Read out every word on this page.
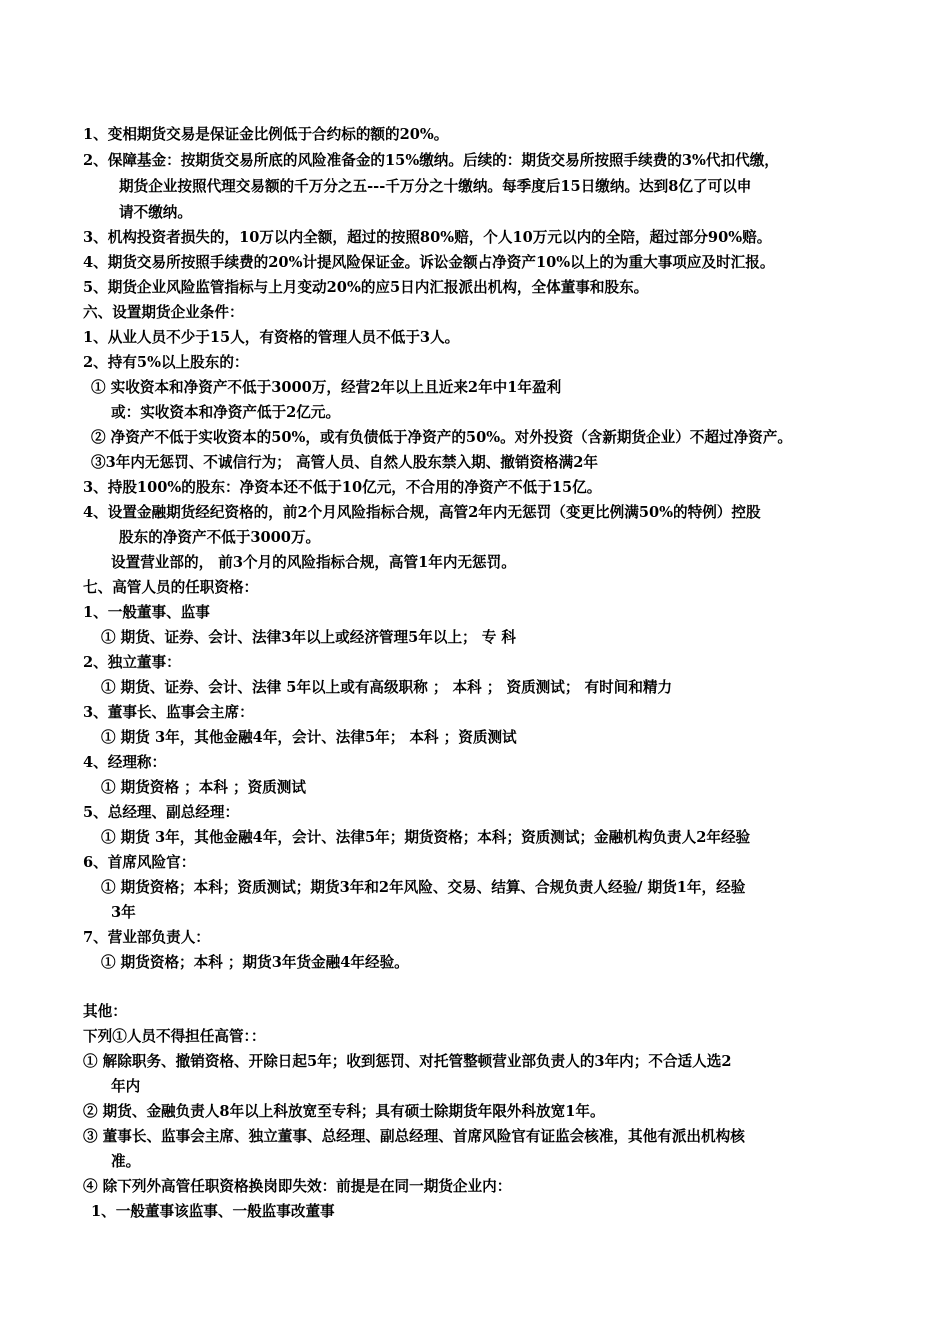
1、变相期货交易是保证金比例低于合约标的额的20%。
2、保障基金：按期货交易所底的风险准备金的15%缴纳。后续的：期货交易所按照手续费的3%代扣代缴，
期货企业按照代理交易额的千万分之五---千万分之十缴纳。每季度后15日缴纳。达到8亿了可以申
请不缴纳。
3、机构投资者损失的，10万以内全额，超过的按照80%赔，个人10万元以内的全陪，超过部分90%赔。
4、期货交易所按照手续费的20%计提风险保证金。诉讼金额占净资产10%以上的为重大事项应及时汇报。
5、期货企业风险监管指标与上月变动20%的应5日内汇报派出机构，全体董事和股东。
六、设置期货企业条件：
1、从业人员不少于15人，有资格的管理人员不低于3人。
2、持有5%以上股东的：
① 实收资本和净资产不低于3000万，经营2年以上且近来2年中1年盈利
或：实收资本和净资产低于2亿元。
② 净资产不低于实收资本的50%，或有负债低于净资产的50%。对外投资（含新期货企业）不超过净资产。
③3年内无惩罚、不诚信行为； 高管人员、自然人股东禁入期、撤销资格满2年
3、持股100%的股东：净资本还不低于10亿元，不合用的净资产不低于15亿。
4、设置金融期货经纪资格的，前2个月风险指标合规，高管2年内无惩罚（变更比例满50%的特例）控股
股东的净资产不低于3000万。
设置营业部的， 前3个月的风险指标合规，高管1年内无惩罚。
七、高管人员的任职资格：
1、一般董事、监事
① 期货、证券、会计、法律3年以上或经济管理5年以上； 专 科
2、独立董事：
① 期货、证券、会计、法律 5年以上或有高级职称 ； 本科 ； 资质测试； 有时间和精力
3、董事长、监事会主席：
① 期货 3年，其他金融4年，会计、法律5年； 本科 ；资质测试
4、经理称：
① 期货资格 ；本科 ；资质测试
5、总经理、副总经理：
① 期货 3年，其他金融4年，会计、法律5年；期货资格；本科；资质测试；金融机构负责人2年经验
6、首席风险官：
① 期货资格；本科；资质测试；期货3年和2年风险、交易、结算、合规负责人经验/ 期货1年，经验
3年
7、营业部负责人：
① 期货资格；本科 ；期货3年货金融4年经验。
其他：
下列①人员不得担任高管：：
① 解除职务、撤销资格、开除日起5年；收到惩罚、对托管整顿营业部负责人的3年内；不合适人选2
年内
② 期货、金融负责人8年以上科放宽至专科；具有硕士除期货年限外科放宽1年。
③ 董事长、监事会主席、独立董事、总经理、副总经理、首席风险官有证监会核准，其他有派出机构核
准。
④ 除下列外高管任职资格换岗即失效：前提是在同一期货企业内：
1、一般董事该监事、一般监事改董事
